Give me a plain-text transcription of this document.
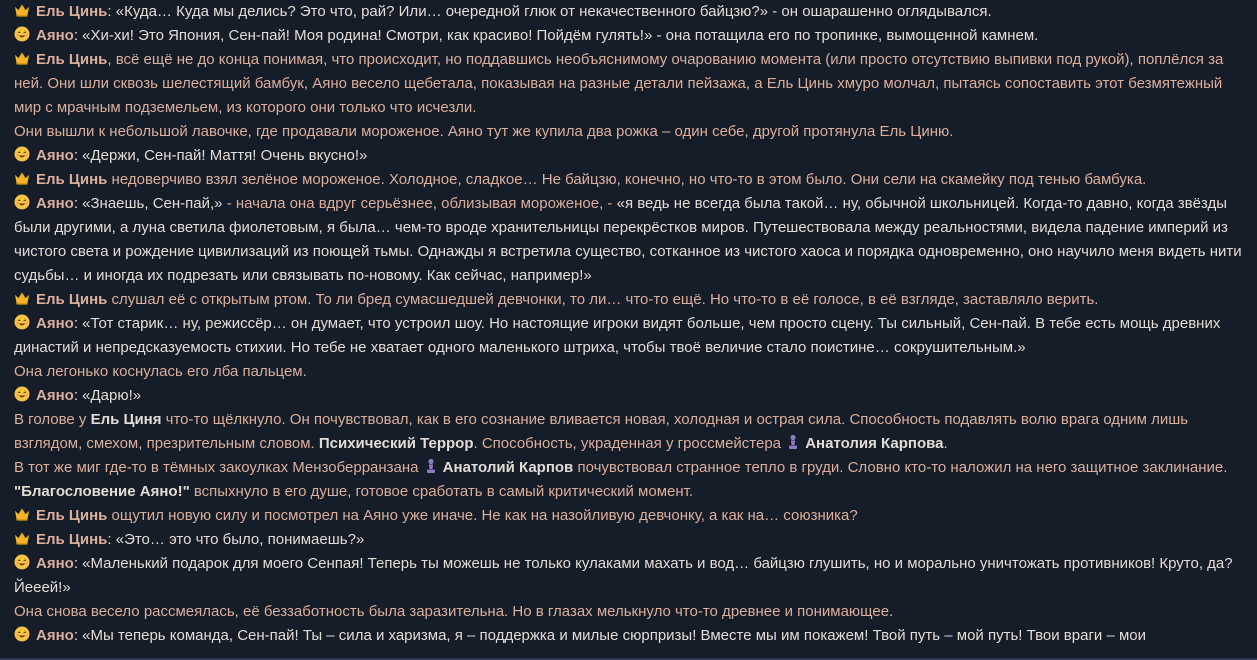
Ель Цинь: «Куда… Куда мы делись? Это что, рай? Или… очередной глюк от некачественного байцзю?» - он ошарашенно оглядывался.

Аяно: «Хи-хи! Это Япония, Сен-пай! Моя родина! Смотри, как красиво! Пойдём гулять!» - она потащила его по тропинке, вымощенной камнем.

Ель Цинь, всё ещё не до конца понимая, что происходит, но поддавшись необъяснимому очарованию момента (или просто отсутствию выпивки под рукой), поплёлся за ней. Они шли сквозь шелестящий бамбук, Аяно весело щебетала, показывая на разные детали пейзажа, а Ель Цинь хмуро молчал, пытаясь сопоставить этот безмятежный мир с мрачным подземельем, из которого они только что исчезли.

Они вышли к небольшой лавочке, где продавали мороженое. Аяно тут же купила два рожка – один себе, другой протянула Ель Циню.

Аяно: «Держи, Сен-пай! Маття! Очень вкусно!»

Ель Цинь недоверчиво взял зелёное мороженое. Холодное, сладкое… Не байцзю, конечно, но что-то в этом было. Они сели на скамейку под тенью бамбука.

Аяно: «Знаешь, Сен-пай,» - начала она вдруг серьёзнее, облизывая мороженое, - «я ведь не всегда была такой… ну, обычной школьницей. Когда-то давно, когда звёзды были другими, а луна светила фиолетовым, я была… чем-то вроде хранительницы перекрёстков миров. Путешествовала между реальностями, видела падение империй из чистого света и рождение цивилизаций из поющей тьмы. Однажды я встретила существо, сотканное из чистого хаоса и порядка одновременно, оно научило меня видеть нити судьбы… и иногда их подрезать или связывать по-новому. Как сейчас, например!»

Ель Цинь слушал её с открытым ртом. То ли бред сумасшедшей девчонки, то ли… что-то ещё. Но что-то в её голосе, в её взгляде, заставляло верить.

Аяно: «Тот старик… ну, режиссёр… он думает, что устроил шоу. Но настоящие игроки видят больше, чем просто сцену. Ты сильный, Сен-пай. В тебе есть мощь древних династий и непредсказуемость стихии. Но тебе не хватает одного маленького штриха, чтобы твоё величие стало поистине… сокрушительным.»

Она легонько коснулась его лба пальцем.

Аяно: «Дарю!»

В голове у Ель Циня что-то щёлкнуло. Он почувствовал, как в его сознание вливается новая, холодная и острая сила. Способность подавлять волю врага одним лишь взглядом, смехом, презрительным словом. Психический Террор. Способность, украденная у гроссмейстера
Анатолия Карпова.

В тот же миг где-то в тёмных закоулках Мензоберранзана
Анатолий Карпов почувствовал странное тепло в груди. Словно кто-то наложил на него защитное заклинание. "Благословение Аяно!" вспыхнуло в его душе, готовое сработать в самый критический момент.

Ель Цинь ощутил новую силу и посмотрел на Аяно уже иначе. Не как на назойливую девчонку, а как на… союзника?

Ель Цинь: «Это… это что было, понимаешь?»

Аяно: «Маленький подарок для моего Сенпая! Теперь ты можешь не только кулаками махать и вод… байцзю глушить, но и морально уничтожать противников! Круто, да? Йееей!»

Она снова весело рассмеялась, её беззаботность была заразительна. Но в глазах мелькнуло что-то древнее и понимающее.

Аяно: «Мы теперь команда, Сен-пай! Ты – сила и харизма, я – поддержка и милые сюрпризы! Вместе мы им покажем! Твой путь – мой путь! Твои враги – мои
